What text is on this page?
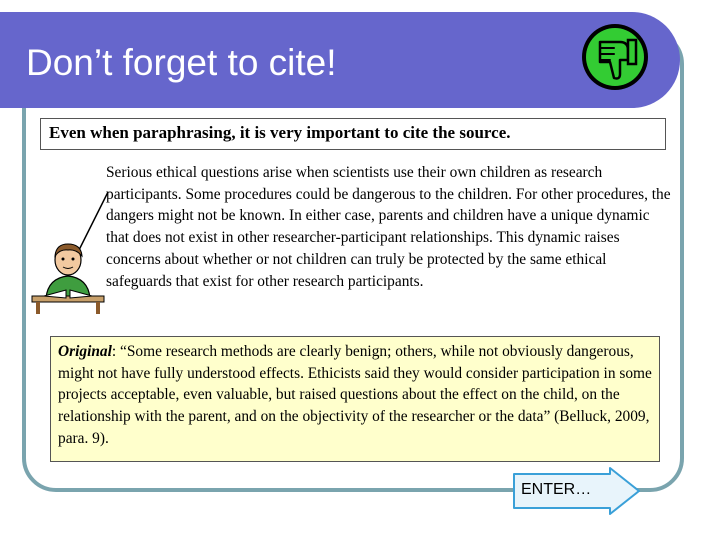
Don’t forget to cite!
Even when paraphrasing, it is very important to cite the source.
Serious ethical questions arise when scientists use their own children as research participants. Some procedures could be dangerous to the children. For other procedures, the dangers might not be known. In either case, parents and children have a unique dynamic that does not exist in other researcher-participant relationships. This dynamic raises concerns about whether or not children can truly be protected by the same ethical safeguards that exist for other research participants.
Original: “Some research methods are clearly benign; others, while not obviously dangerous, might not have fully understood effects. Ethicists said they would consider participation in some projects acceptable, even valuable, but raised questions about the effect on the child, on the relationship with the parent, and on the objectivity of the researcher or the data” (Belluck, 2009, para. 9).
ENTER…
